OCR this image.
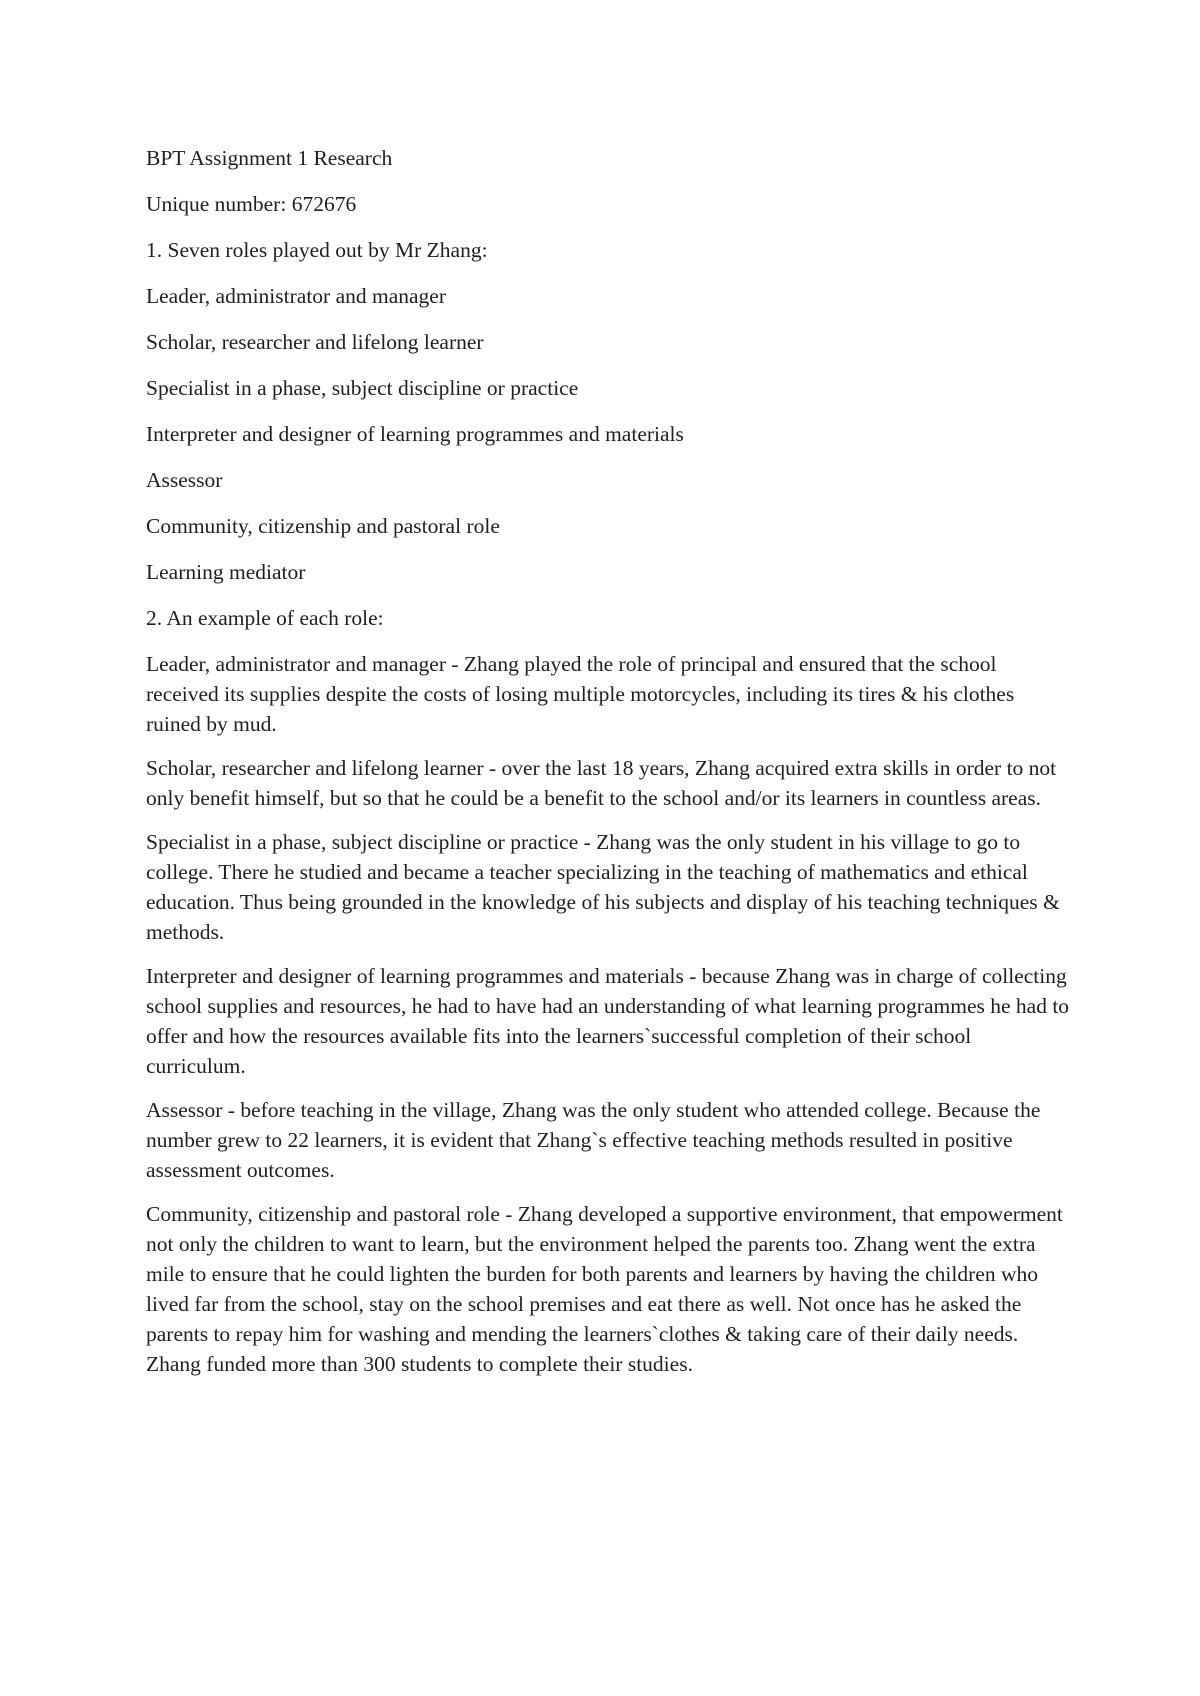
BPT Assignment 1 Research

Unique number: 672676

1. Seven roles played out by Mr Zhang:

Leader, administrator and manager

Scholar, researcher and lifelong learner

Specialist in a phase, subject discipline or practice

Interpreter and designer of learning programmes and materials

Assessor

Community, citizenship and pastoral role

Learning mediator

2. An example of each role:

Leader, administrator and manager - Zhang played the role of principal and ensured that the school received its supplies despite the costs of losing multiple motorcycles, including its tires & his clothes ruined by mud.

Scholar, researcher and lifelong learner - over the last 18 years, Zhang acquired extra skills in order to not only benefit himself, but so that he could be a benefit to the school and/or its learners in countless areas.

Specialist in a phase, subject discipline or practice - Zhang was the only student in his village to go to college. There he studied and became a teacher specializing in the teaching of mathematics and ethical education. Thus being grounded in the knowledge of his subjects and display of his teaching techniques & methods.

Interpreter and designer of learning programmes and materials - because Zhang was in charge of collecting school supplies and resources, he had to have had an understanding of what learning programmes he had to offer and how the resources available fits into the learners`successful completion of their school curriculum.

Assessor - before teaching in the village, Zhang was the only student who attended college. Because the number grew to 22 learners, it is evident that Zhang`s effective teaching methods resulted in positive assessment outcomes.

Community, citizenship and pastoral role - Zhang developed a supportive environment, that empowerment not only the children to want to learn, but the environment helped the parents too. Zhang went the extra mile to ensure that he could lighten the burden for both parents and learners by having the children who lived far from the school, stay on the school premises and eat there as well. Not once has he asked the parents to repay him for washing and mending the learners`clothes & taking care of their daily needs. Zhang funded more than 300 students to complete their studies.
